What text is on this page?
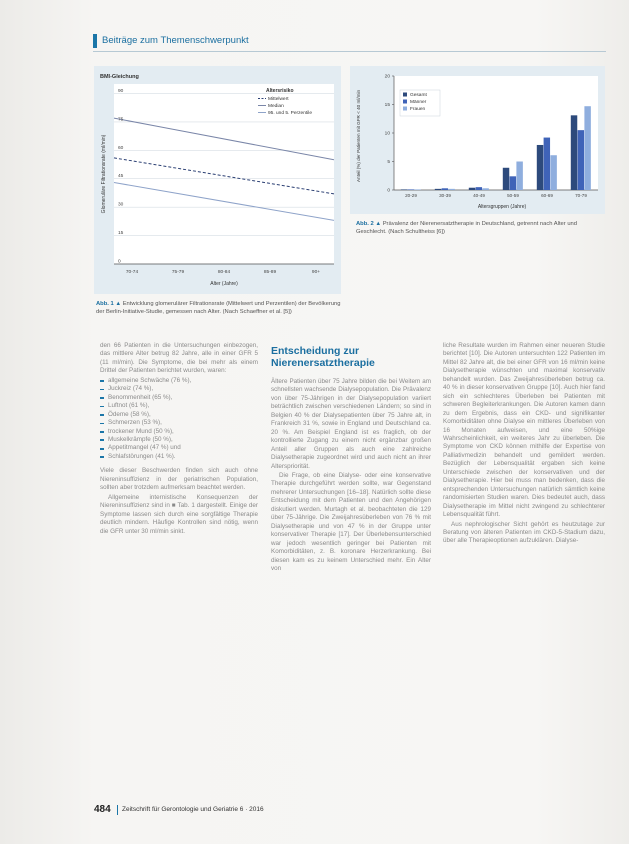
Beiträge zum Themenschwerpunkt
BMI-Gleichung
Glomeruläre Filtrationsrate (ml/min)
Alter (Jahre)
Altersrisiko
Mittelwert
Median
95. und 5. Perzentile
0
15
30
45
60
75
90
70-74	75-79	80-84	85-89	90+
Abb. 1 ▲ Entwicklung glomerulärer Filtrationsrate (Mittelwert und Perzentilen) der Bevölkerung der Berlin-Initiative-Studie, gemessen nach Alter. (Nach Schaeffner et al. [5])
Anteil (%) der Patienten mit GFR < 40 ml/min
Altersgruppen (Jahre)
0
5
10
15
20
20-29	30-39	40-49	50-59	60-69	70-79
Gesamt
Männer
Frauen
Abb. 2 ▲ Prävalenz der Nierenersatztherapie in Deutschland, getrennt nach Alter und Geschlecht. (Nach Schultheiss [6])

den 66 Patienten in die Untersuchungen einbezogen, das mittlere Alter betrug 82 Jahre, alle in einer GFR 5 (11 ml/min). Die Symptome, die bei mehr als einem Drittel der Patienten berichtet wurden, waren:

allgemeine Schwäche (76 %),
Juckreiz (74 %),
Benommenheit (65 %),
Luftnot (61 %),
Ödeme (58 %),
Schmerzen (53 %),
trockener Mund (50 %),
Muskelkrämpfe (50 %),
Appetitmangel (47 %) und
Schlafstörungen (41 %).

Viele dieser Beschwerden finden sich auch ohne Niereninsuffizienz in der geriatrischen Population, sollten aber trotzdem aufmerksam beachtet werden.

Allgemeine internistische Konsequenzen der Niereninsuffizienz sind in ■ Tab. 1 dargestellt. Einige der Symptome lassen sich durch eine sorgfältige Therapie deutlich mindern. Häufige Kontrollen sind nötig, wenn die GFR unter 30 ml/min sinkt.

Entscheidung zur Nierenersatztherapie

Ältere Patienten über 75 Jahre bilden die bei Weitem am schnellsten wachsende Dialysepopulation. Die Prävalenz von über 75-Jährigen in der Dialysepopulation variiert beträchtlich zwischen verschiedenen Ländern; so sind in Belgien 40 % der Dialysepatienten über 75 Jahre alt, in Frankreich 31 %, sowie in England und Deutschland ca. 20 %. Am Beispiel England ist es fraglich, ob der kontrollierte Zugang zu einem nicht ergänzbar großen Anteil aller Gruppen als auch eine zahlreiche Dialysetherapie zugeordnet wird und auch nicht an ihrer Alterspriorität.

Die Frage, ob eine Dialyse- oder eine konservative Therapie durchgeführt werden sollte, war Gegenstand mehrerer Untersuchungen [16–18]. Natürlich sollte diese Entscheidung mit dem Patienten und den Angehörigen diskutiert werden. Murtagh et al. beobachteten die 129 über 75-Jährige. Die Zweijahresüberleben von 76 % mit Dialysetherapie und von 47 % in der Gruppe unter konservativer Therapie [17]. Der Überlebensunterschied war jedoch wesentlich geringer bei Patienten mit Komorbiditäten, z. B. koronare Herzerkrankung. Bei diesen kam es zu keinem Unterschied mehr. Ein Alter von

liche Resultate wurden im Rahmen einer neueren Studie berichtet [10]. Die Autoren untersuchten 122 Patienten im Mittel 82 Jahre alt, die bei einer GFR von 16 ml/min keine Dialysetherapie wünschten und maximal konservativ behandelt wurden. Das Zweijahresüberleben betrug ca. 40 % in dieser konservativen Gruppe [10]. Auch hier fand sich ein schlechteres Überleben bei Patienten mit schweren Begleiterkrankungen. Die Autoren kamen dann zu dem Ergebnis, dass ein CKD- und signifikanter Komorbiditäten ohne Dialyse ein mittleres Überleben von 16 Monaten aufweisen, und eine 50%ige Wahrscheinlichkeit, ein weiteres Jahr zu überleben. Die Symptome von CKD können mithilfe der Expertise von Palliativmedizin behandelt und gemildert werden. Bezüglich der Lebensqualität ergaben sich keine Unterschiede zwischen der konservativen und der Dialysetherapie. Hier bei muss man bedenken, dass die entsprechenden Untersuchungen natürlich sämtlich keine randomisierten Studien waren. Dies bedeutet auch, dass Dialysetherapie im Mittel nicht zwingend zu schlechterer Lebensqualität führt.

Aus nephrologischer Sicht gehört es heutzutage zur Beratung von älteren Patienten im CKD-5-Stadium dazu, über alle Therapieoptionen aufzuklären. Dialyse-

484 Zeitschrift für Gerontologie und Geriatrie 6 · 2016
